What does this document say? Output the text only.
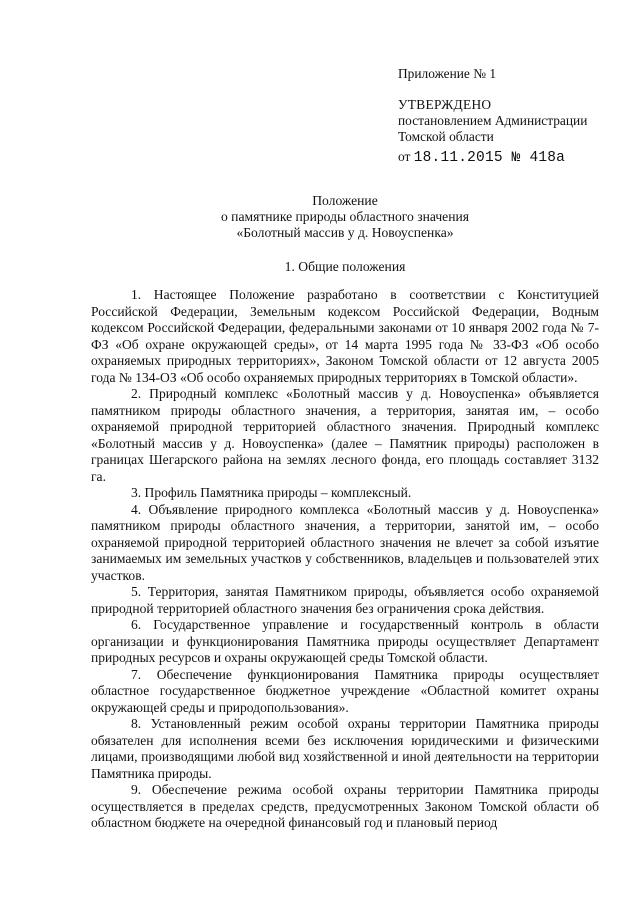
Приложение № 1
УТВЕРЖДЕНО
постановлением Администрации
Томской области
от 18.11.2015 № 418а
Положение
о памятнике природы областного значения
«Болотный массив у д. Новоуспенка»
1. Общие положения

1. Настоящее Положение разработано в соответствии с Конституцией Российской Федерации, Земельным кодексом Российской Федерации, Водным кодексом Российской Федерации, федеральными законами от 10 января 2002 года № 7-ФЗ «Об охране окружающей среды», от 14 марта 1995 года № 33-ФЗ «Об особо охраняемых природных территориях», Законом Томской области от 12 августа 2005 года № 134-ОЗ «Об особо охраняемых природных территориях в Томской области».

2. Природный комплекс «Болотный массив у д. Новоуспенка» объявляется памятником природы областного значения, а территория, занятая им, – особо охраняемой природной территорией областного значения. Природный комплекс «Болотный массив у д. Новоуспенка» (далее – Памятник природы) расположен в границах Шегарского района на землях лесного фонда, его площадь составляет 3132 га.

3. Профиль Памятника природы – комплексный.

4. Объявление природного комплекса «Болотный массив у д. Новоуспенка» памятником природы областного значения, а территории, занятой им, – особо охраняемой природной территорией областного значения не влечет за собой изъятие занимаемых им земельных участков у собственников, владельцев и пользователей этих участков.

5. Территория, занятая Памятником природы, объявляется особо охраняемой природной территорией областного значения без ограничения срока действия.

6. Государственное управление и государственный контроль в области организации и функционирования Памятника природы осуществляет Департамент природных ресурсов и охраны окружающей среды Томской области.

7. Обеспечение функционирования Памятника природы осуществляет областное государственное бюджетное учреждение «Областной комитет охраны окружающей среды и природопользования».

8. Установленный режим особой охраны территории Памятника природы обязателен для исполнения всеми без исключения юридическими и физическими лицами, производящими любой вид хозяйственной и иной деятельности на территории Памятника природы.

9. Обеспечение режима особой охраны территории Памятника природы осуществляется в пределах средств, предусмотренных Законом Томской области об областном бюджете на очередной финансовый год и плановый период
